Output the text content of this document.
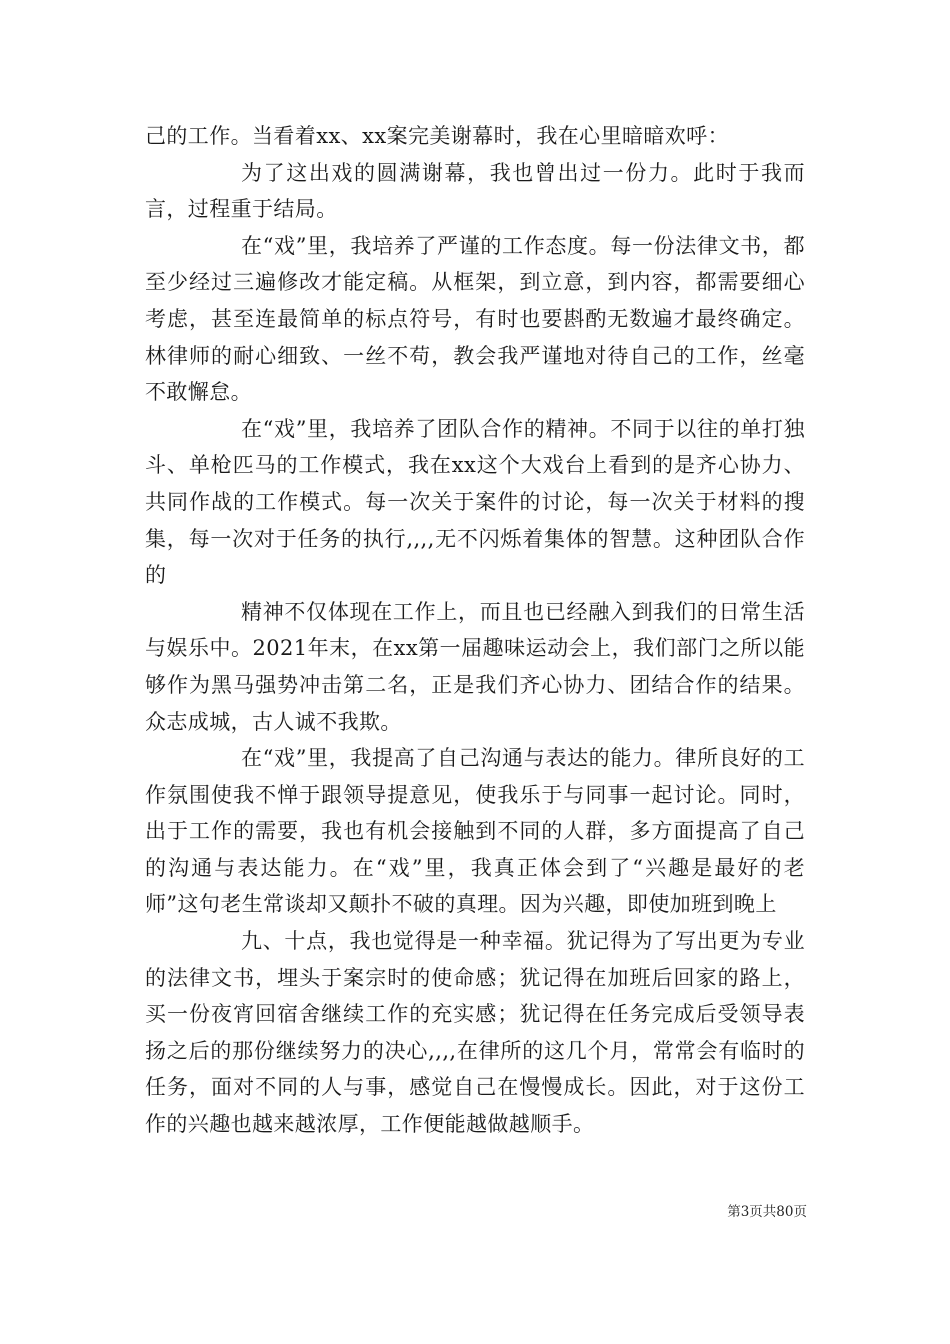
己的工作。当看着xx、xx案完美谢幕时，我在心里暗暗欢呼：

为了这出戏的圆满谢幕，我也曾出过一份力。此时于我而言，过程重于结局。

在“戏”里，我培养了严谨的工作态度。每一份法律文书，都至少经过三遍修改才能定稿。从框架，到立意，到内容，都需要细心考虑，甚至连最简单的标点符号，有时也要斟酌无数遍才最终确定。林律师的耐心细致、一丝不苟，教会我严谨地对待自己的工作，丝毫不敢懈怠。

在“戏”里，我培养了团队合作的精神。不同于以往的单打独斗、单枪匹马的工作模式，我在xx这个大戏台上看到的是齐心协力、共同作战的工作模式。每一次关于案件的讨论，每一次关于材料的搜集，每一次对于任务的执行,,,,无不闪烁着集体的智慧。这种团队合作的

精神不仅体现在工作上，而且也已经融入到我们的日常生活与娱乐中。2021年末，在xx第一届趣味运动会上，我们部门之所以能够作为黑马强势冲击第二名，正是我们齐心协力、团结合作的结果。众志成城，古人诚不我欺。

在“戏”里，我提高了自己沟通与表达的能力。律所良好的工作氛围使我不惮于跟领导提意见，使我乐于与同事一起讨论。同时，出于工作的需要，我也有机会接触到不同的人群，多方面提高了自己的沟通与表达能力。在“戏”里，我真正体会到了“兴趣是最好的老师”这句老生常谈却又颠扑不破的真理。因为兴趣，即使加班到晚上

九、十点，我也觉得是一种幸福。犹记得为了写出更为专业的法律文书，埋头于案宗时的使命感；犹记得在加班后回家的路上，买一份夜宵回宿舍继续工作的充实感；犹记得在任务完成后受领导表扬之后的那份继续努力的决心,,,,在律所的这几个月，常常会有临时的任务，面对不同的人与事，感觉自己在慢慢成长。因此，对于这份工作的兴趣也越来越浓厚，工作便能越做越顺手。

第3页共80页
